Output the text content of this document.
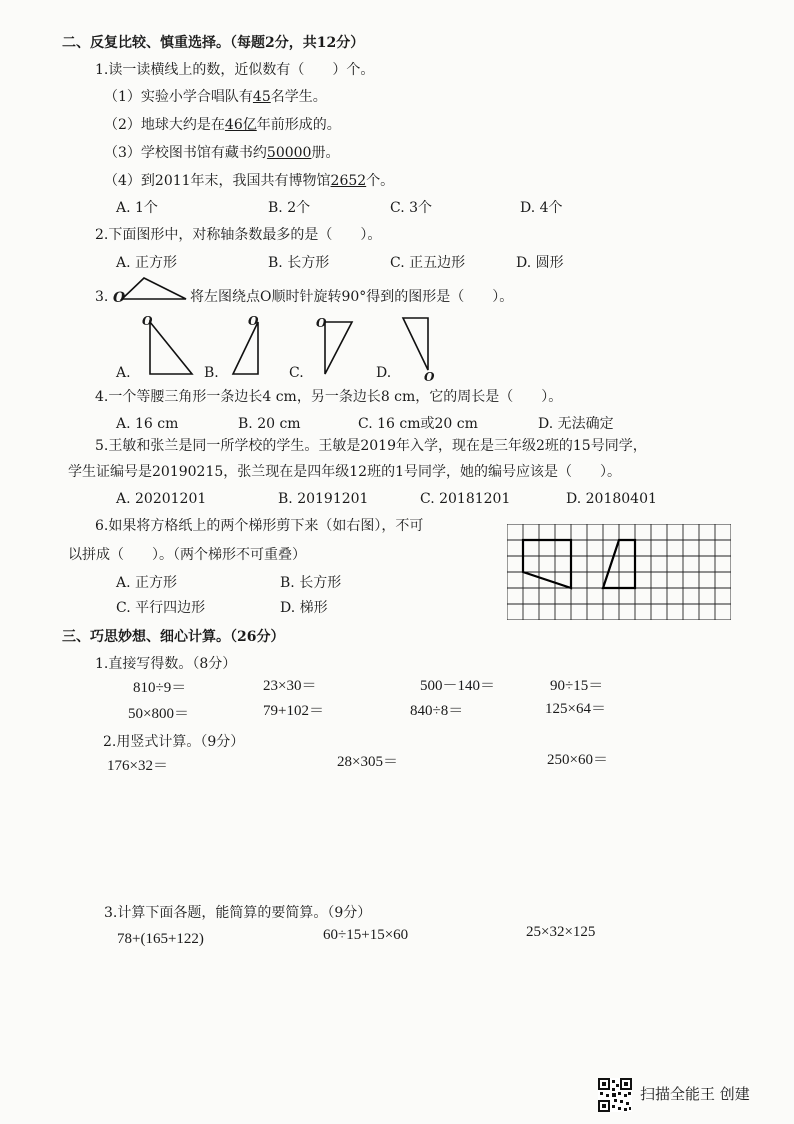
二、反复比较、慎重选择。（每题2分，共12分）
1.读一读横线上的数，近似数有（　　）个。
（1）实验小学合唱队有45名学生。
（2）地球大约是在46亿年前形成的。
（3）学校图书馆有藏书约50000册。
（4）到2011年末，我国共有博物馆2652个。
A. 1个	B. 2个	C. 3个	D. 4个
2.下面图形中，对称轴条数最多的是（　　）。
A. 正方形	B. 长方形	C. 正五边形	D. 圆形
3. O	将左图绕点O顺时针旋转90°得到的图形是（　　）。
O
A.
O
B.
O
C.	O
D.
4.一个等腰三角形一条边长4 cm，另一条边长8 cm，它的周长是（　　）。
A. 16 cm	B. 20 cm	C. 16 cm或20 cm	D. 无法确定
5.王敏和张兰是同一所学校的学生。王敏是2019年入学，现在是三年级2班的15号同学，
学生证编号是20190215，张兰现在是四年级12班的1号同学，她的编号应该是（　　）。
A. 20201201	B. 20191201	C. 20181201	D. 20180401
6.如果将方格纸上的两个梯形剪下来（如右图），不可
以拼成（　　）。（两个梯形不可重叠）
A. 正方形	B. 长方形
C. 平行四边形	D. 梯形
三、巧思妙想、细心计算。（26分）
1.直接写得数。（8分）
810÷9＝	23×30＝	500－140＝	90÷15＝
50×800＝	79+102＝	840÷8＝	125×64＝
2.用竖式计算。（9分）
176×32＝	28×305＝	250×60＝
3.计算下面各题，能简算的要简算。（9分）
78+(165+122)	60÷15+15×60	25×32×125
扫描全能王 创建
